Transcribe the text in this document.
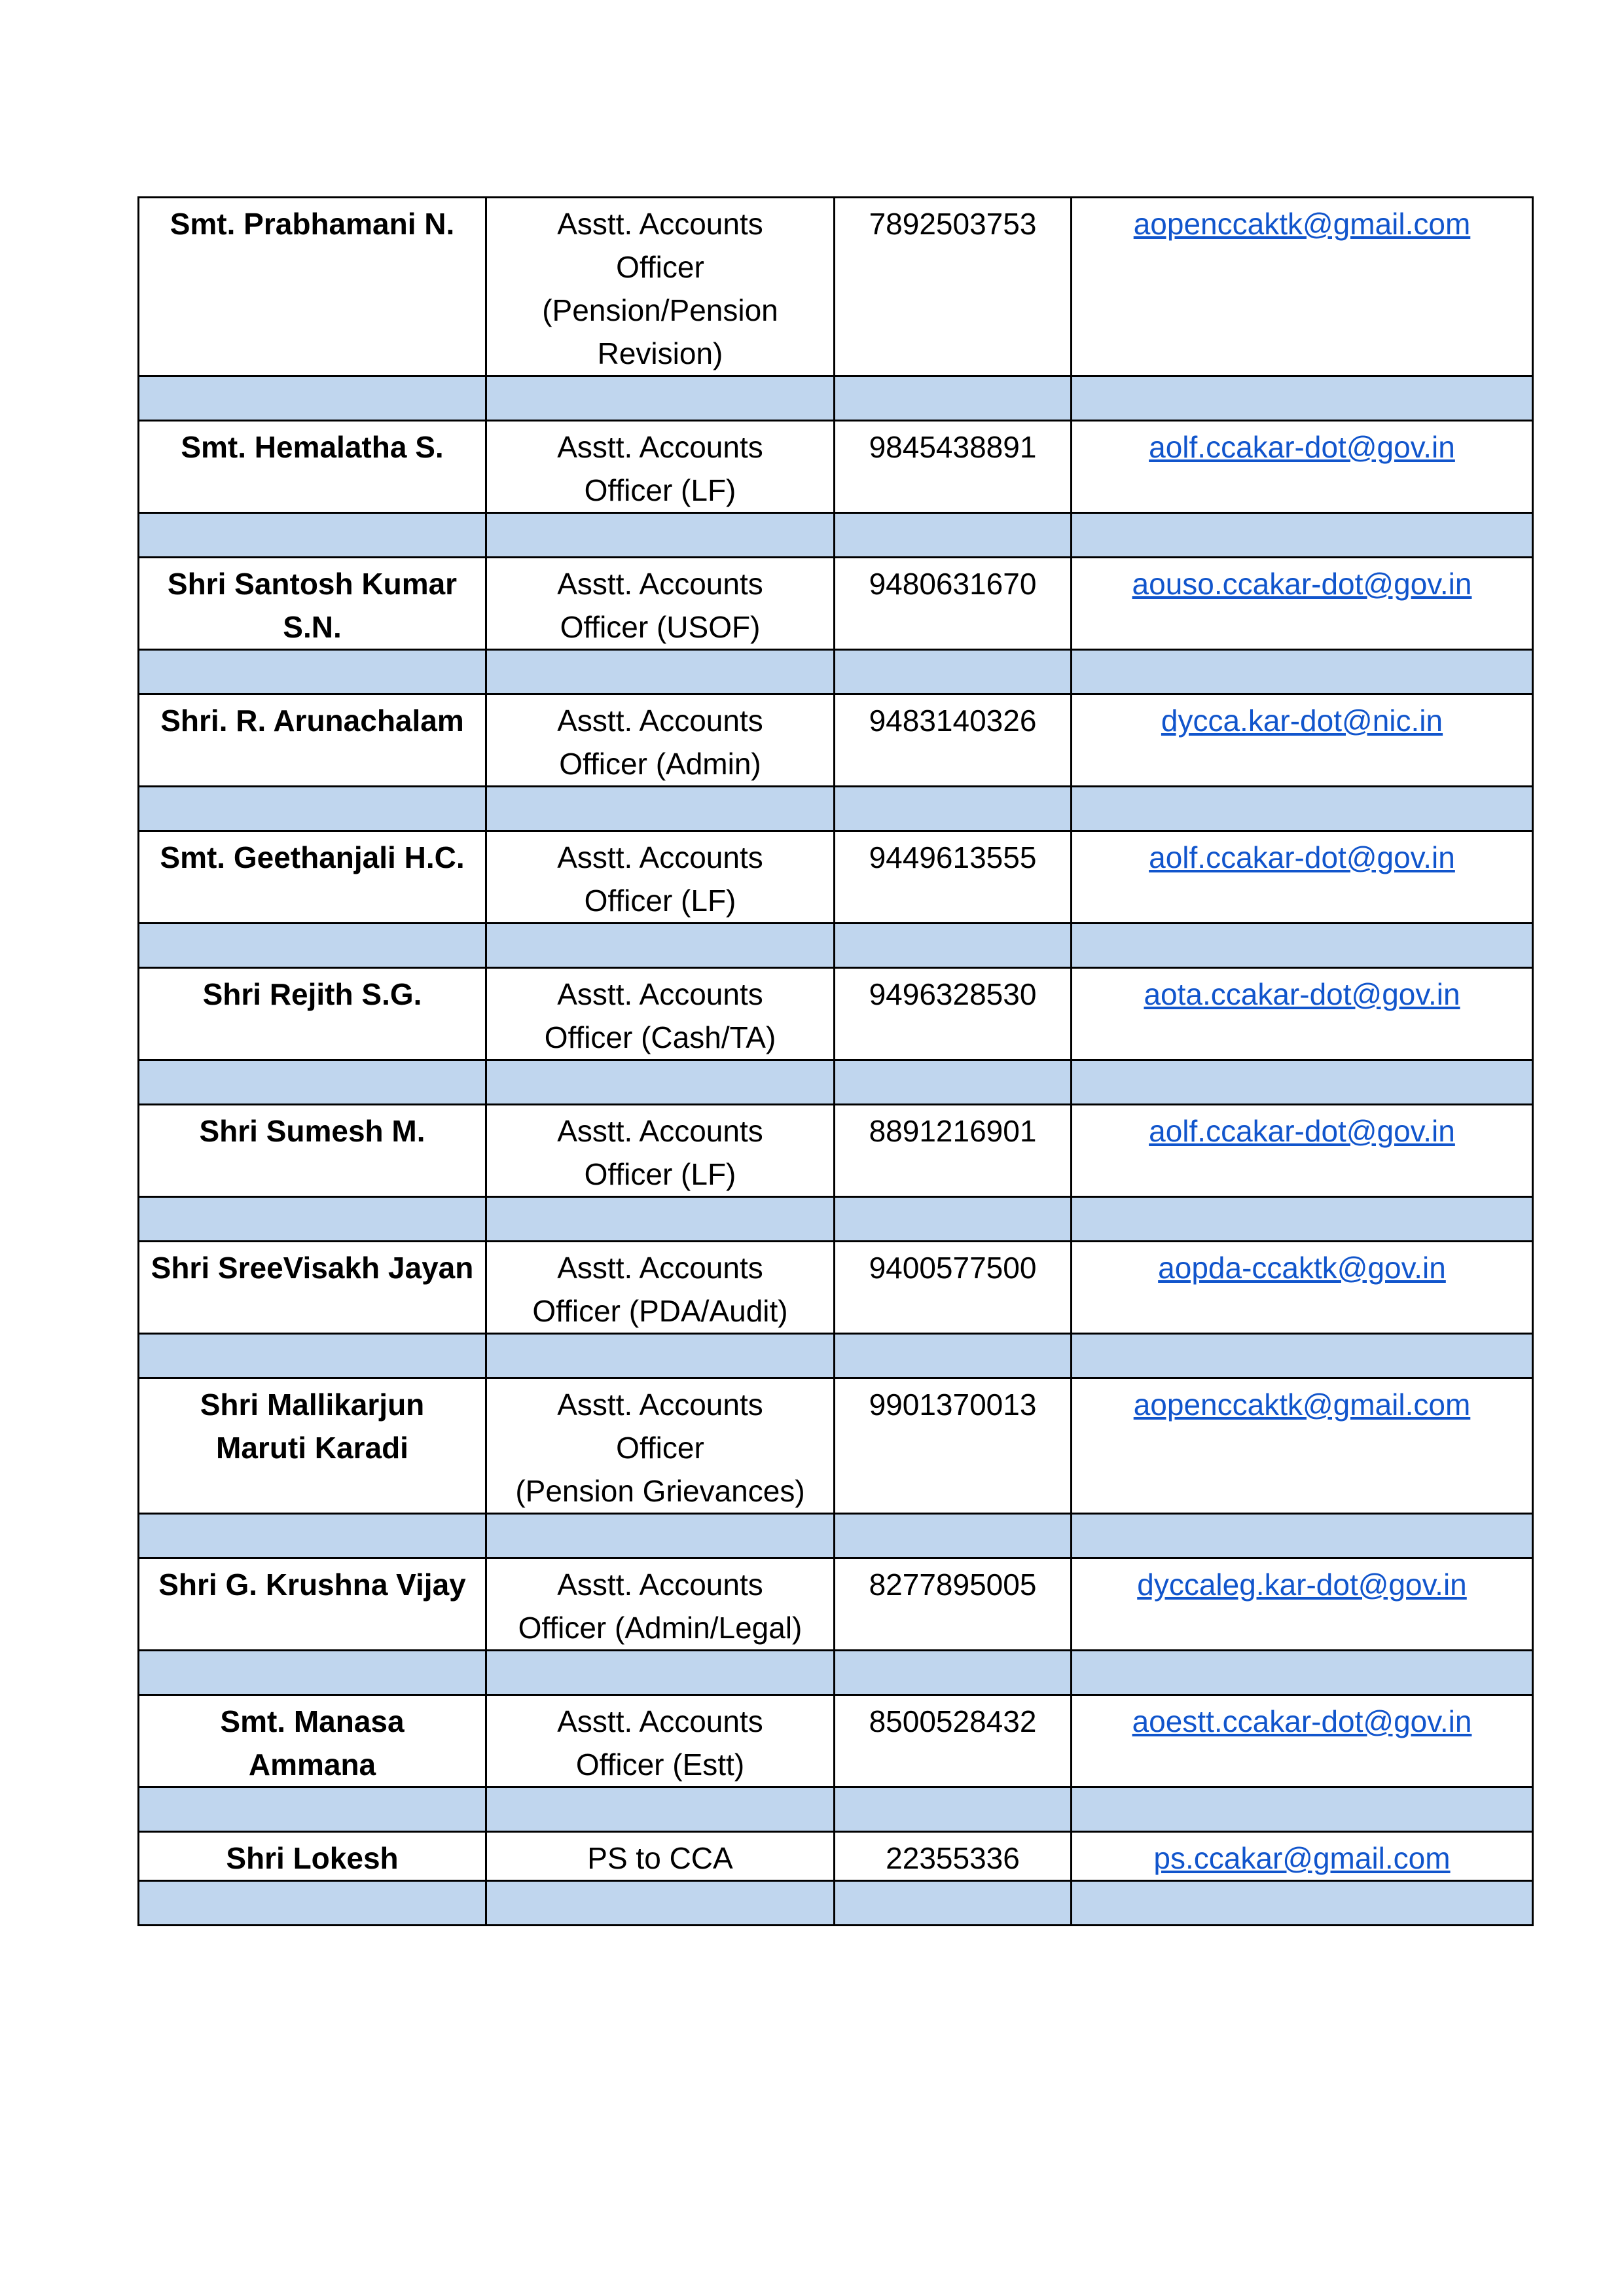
Smt. Prabhamani N.	Asstt. Accounts
Officer
(Pension/Pension
Revision)	7892503753	aopenccaktk@gmail.com

Smt. Hemalatha S.	Asstt. Accounts
Officer (LF)	9845438891	aolf.ccakar-dot@gov.in

Shri Santosh Kumar
S.N.	Asstt. Accounts
Officer (USOF)	9480631670	aouso.ccakar-dot@gov.in

Shri. R. Arunachalam	Asstt. Accounts
Officer (Admin)	9483140326	dycca.kar-dot@nic.in

Smt. Geethanjali H.C.	Asstt. Accounts
Officer (LF)	9449613555	aolf.ccakar-dot@gov.in

Shri Rejith S.G.	Asstt. Accounts
Officer (Cash/TA)	9496328530	aota.ccakar-dot@gov.in

Shri Sumesh M.	Asstt. Accounts
Officer (LF)	8891216901	aolf.ccakar-dot@gov.in

Shri SreeVisakh Jayan	Asstt. Accounts
Officer (PDA/Audit)	9400577500	aopda-ccaktk@gov.in

Shri Mallikarjun
Maruti Karadi	Asstt. Accounts
Officer
(Pension Grievances)	9901370013	aopenccaktk@gmail.com

Shri G. Krushna Vijay	Asstt. Accounts
Officer (Admin/Legal)	8277895005	dyccaleg.kar-dot@gov.in

Smt. Manasa
Ammana	Asstt. Accounts
Officer (Estt)	8500528432	aoestt.ccakar-dot@gov.in

Shri Lokesh	PS to CCA	22355336	ps.ccakar@gmail.com
